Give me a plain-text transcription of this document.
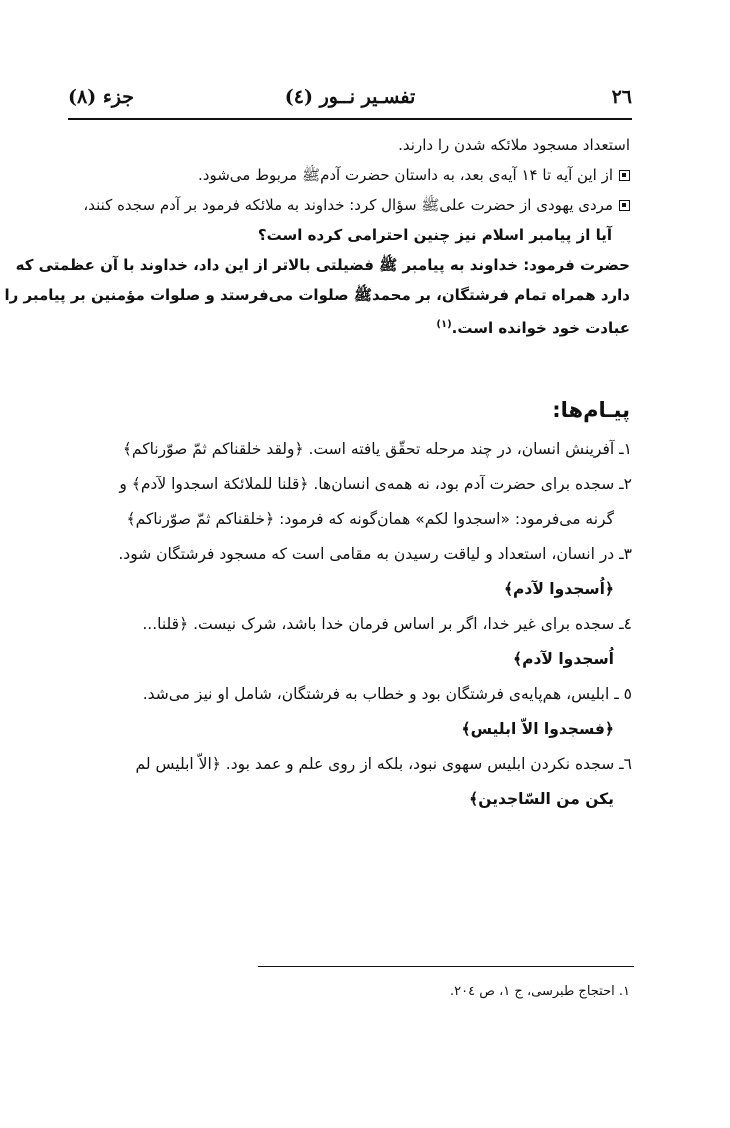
٢٦
تفسـير نــور (٤)
جزء (٨)
استعداد مسجود ملائکه شدن را دارند.
از این آیه تا ١۴ آیه‌ی بعد، به داستان حضرت آدم‌ﷺ مربوط می‌شود.
مردی یهودی از حضرت علی‌ﷺ سؤال کرد: خداوند به ملائکه فرمود بر آدم سجده کنند،
آیا از پیامبر اسلام نیز چنین احترامی کرده است؟
حضرت فرمود: خداوند به پیامبر ﷺ فضیلتی بالاتر از این داد، خداوند با آن عظمتی که
دارد همراه تمام فرشتگان، بر محمدﷺ صلوات می‌فرستد و صلوات مؤمنین بر پیامبر را
عبادت خود خوانده است.$^{(١)}$
پیـام‌ها:
١ـ آفرینش انسان، در چند مرحله تحقّق یافته است. ﴿ولقد خلقناکم ثمّ صوّرناکم﴾
٢ـ سجده برای حضرت آدم بود، نه همه‌ی انسان‌ها. ﴿قلنا للملائکة اسجدوا لآدم﴾ و
گرنه می‌فرمود: «اسجدوا لکم» همان‌گونه که فرمود: ﴿خلقناکم ثمّ صوّرناکم﴾
٣ـ در انسان، استعداد و لیاقت رسیدن به مقامی است که مسجود فرشتگان شود.
﴿اُسجدوا لآدم﴾
٤ـ سجده برای غیر خدا، اگر بر اساس فرمان خدا باشد، شرک نیست. ﴿قلنا...
اُسجدوا لآدم﴾
٥ ـ ابلیس، هم‌پایه‌ی فرشتگان بود و خطاب به فرشتگان، شامل او نیز می‌شد.
﴿فسجدوا الاّ ابلیس﴾
٦ـ سجده نکردن ابلیس سهوی نبود، بلکه از روی علم و عمد بود. ﴿الاّ ابلیس لم
یکن من السّاجدین﴾
١. احتجاج طبرسی، ج ١، ص ٢٠٤.
